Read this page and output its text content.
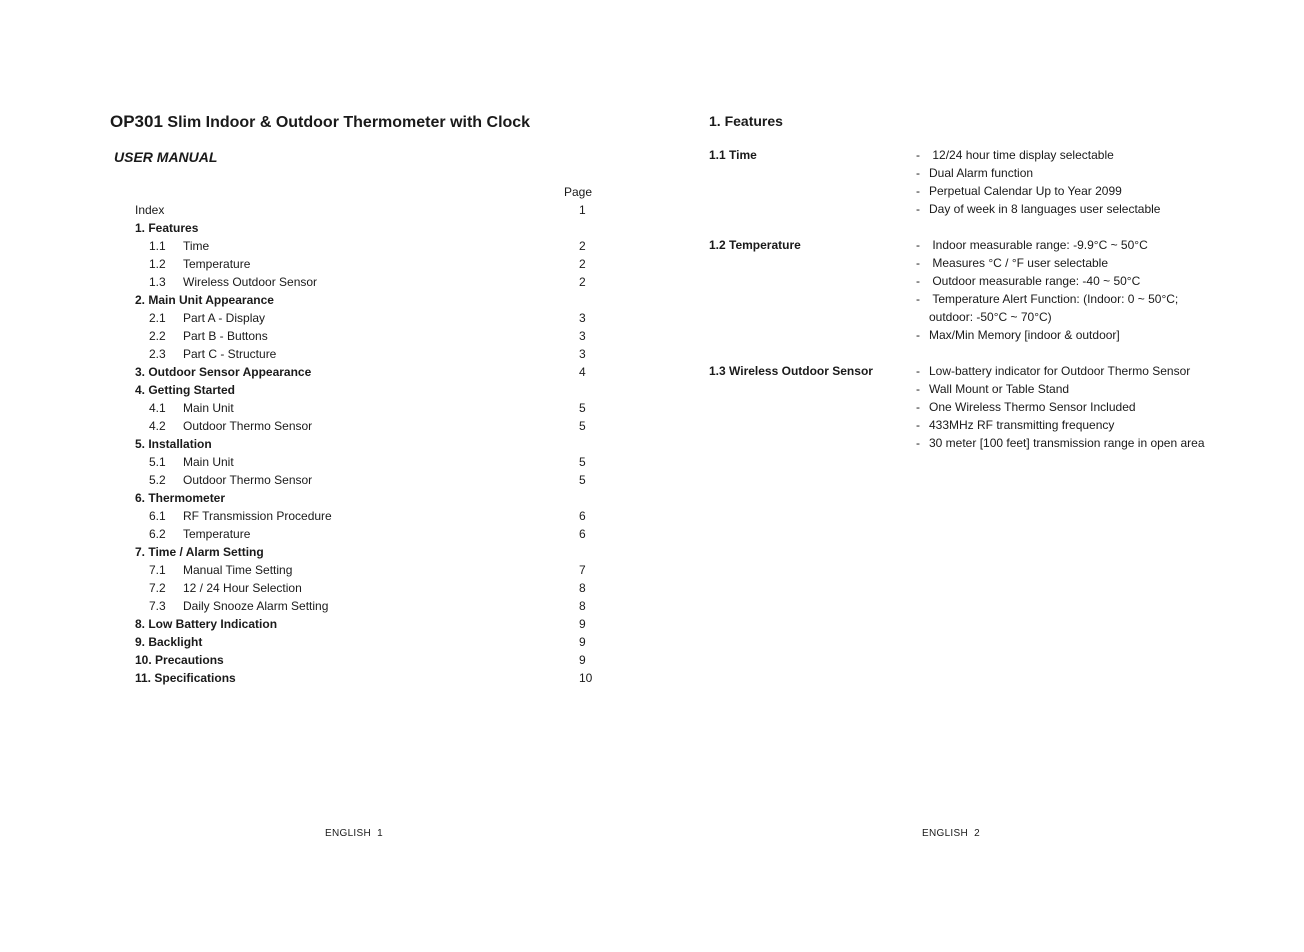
OP301 Slim Indoor & Outdoor Thermometer with Clock
USER MANUAL
Page
Index	1
1. Features
1.1	Time	2
1.2	Temperature	2
1.3	Wireless Outdoor Sensor	2
2. Main Unit Appearance
2.1	Part A - Display	3
2.2	Part B - Buttons	3
2.3	Part C - Structure	3
3. Outdoor Sensor Appearance	4
4. Getting Started
4.1	Main Unit	5
4.2	Outdoor Thermo Sensor	5
5. Installation
5.1	Main Unit	5
5.2	Outdoor Thermo Sensor	5
6. Thermometer
6.1	RF Transmission Procedure	6
6.2	Temperature	6
7. Time / Alarm Setting
7.1	Manual Time Setting	7
7.2	12 / 24 Hour Selection	8
7.3	Daily Snooze Alarm Setting	8
8. Low Battery Indication	9
9. Backlight	9
10. Precautions	9
11. Specifications	10
ENGLISH  1
1. Features
1.1 Time	- 12/24 hour time display selectable
- Dual Alarm function
- Perpetual Calendar Up to Year 2099
- Day of week in 8 languages user selectable
1.2 Temperature	- Indoor measurable range: -9.9°C ~ 50°C
- Measures °C / °F user selectable
- Outdoor measurable range: -40 ~ 50°C
- Temperature Alert Function: (Indoor: 0 ~ 50°C; outdoor: -50°C ~ 70°C)
- Max/Min Memory [indoor & outdoor]
1.3 Wireless Outdoor Sensor	- Low-battery indicator for Outdoor Thermo Sensor
- Wall Mount or Table Stand
- One Wireless Thermo Sensor Included
- 433MHz RF transmitting frequency
- 30 meter [100 feet] transmission range in open area
ENGLISH  2
